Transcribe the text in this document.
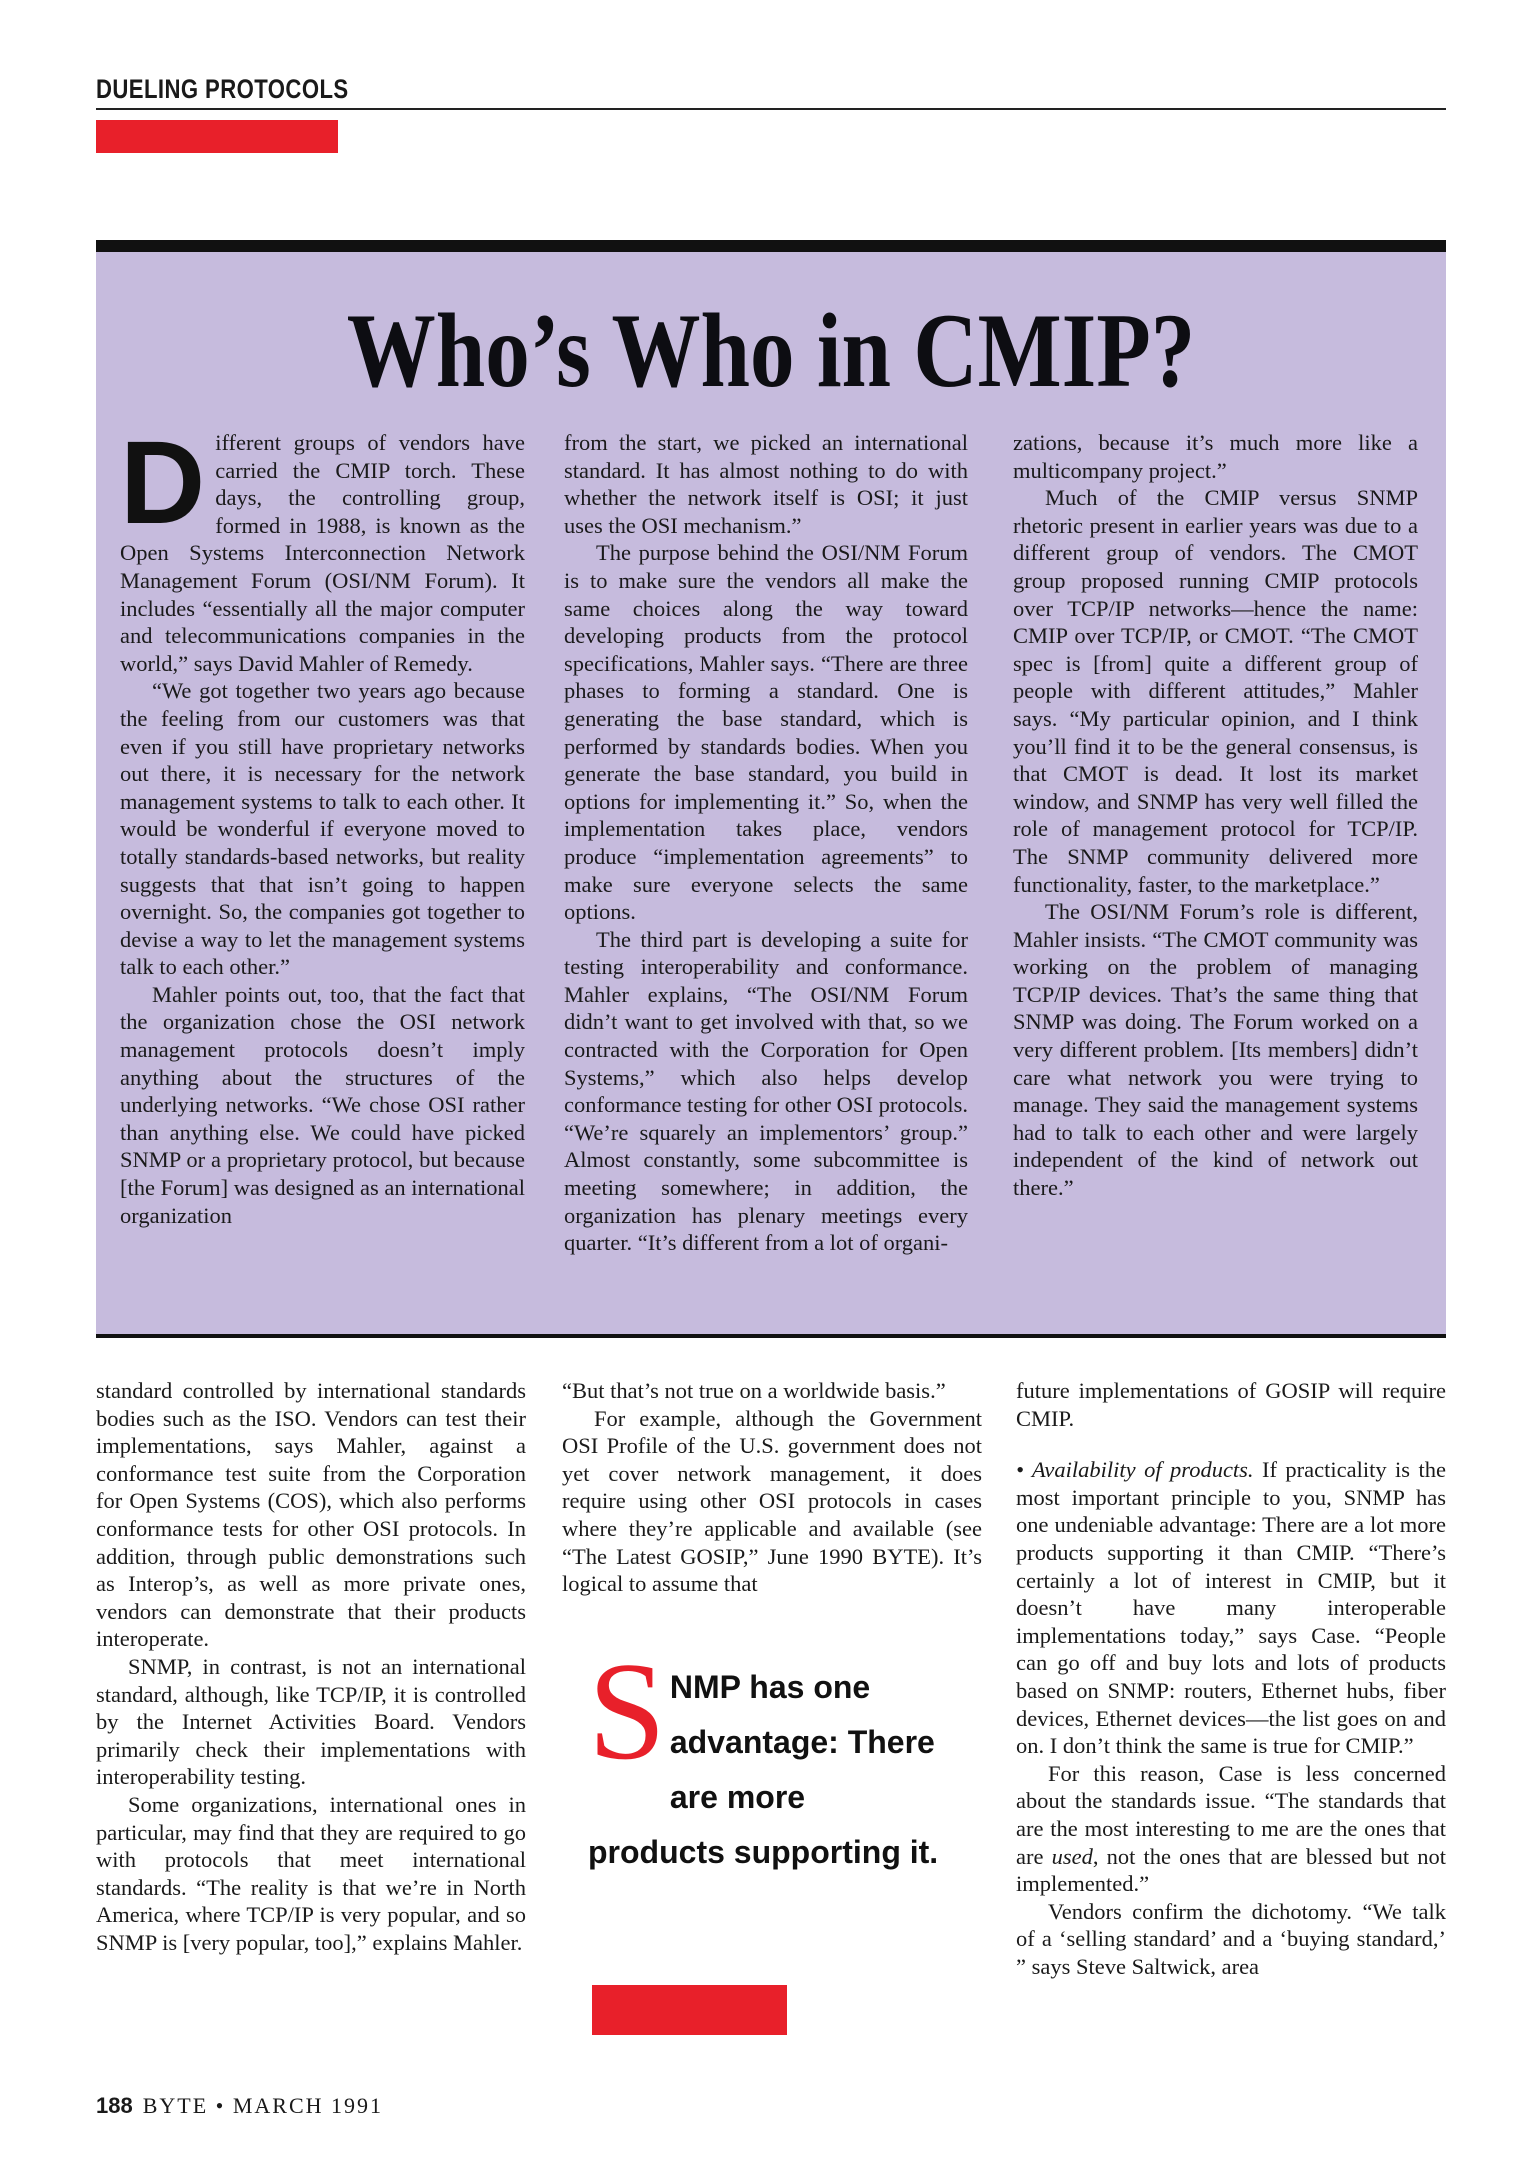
DUELING PROTOCOLS
Who’s Who in CMIP?

Different groups of vendors have carried the CMIP torch. These days, the controlling group, formed in 1988, is known as the Open Systems Interconnection Network Management Forum (OSI/NM Forum). It includes “essentially all the major computer and telecommunications companies in the world,” says David Mahler of Remedy.

“We got together two years ago because the feeling from our customers was that even if you still have proprietary networks out there, it is necessary for the network management systems to talk to each other. It would be wonderful if everyone moved to totally standards-based networks, but reality suggests that that isn’t going to happen overnight. So, the companies got together to devise a way to let the management systems talk to each other.”

Mahler points out, too, that the fact that the organization chose the OSI network management protocols doesn’t imply anything about the structures of the underlying networks. “We chose OSI rather than anything else. We could have picked SNMP or a proprietary protocol, but because [the Forum] was designed as an international organization

from the start, we picked an international standard. It has almost nothing to do with whether the network itself is OSI; it just uses the OSI mechanism.”

The purpose behind the OSI/NM Forum is to make sure the vendors all make the same choices along the way toward developing products from the protocol specifications, Mahler says. “There are three phases to forming a standard. One is generating the base standard, which is performed by standards bodies. When you generate the base standard, you build in options for implementing it.” So, when the implementation takes place, vendors produce “implementation agreements” to make sure everyone selects the same options.

The third part is developing a suite for testing interoperability and conformance. Mahler explains, “The OSI/NM Forum didn’t want to get involved with that, so we contracted with the Corporation for Open Systems,” which also helps develop conformance testing for other OSI protocols. “We’re squarely an implementors’ group.” Almost constantly, some subcommittee is meeting somewhere; in addition, the organization has plenary meetings every quarter. “It’s different from a lot of organi-

zations, because it’s much more like a multicompany project.”

Much of the CMIP versus SNMP rhetoric present in earlier years was due to a different group of vendors. The CMOT group proposed running CMIP protocols over TCP/IP networks—hence the name: CMIP over TCP/IP, or CMOT. “The CMOT spec is [from] quite a different group of people with different attitudes,” Mahler says. “My particular opinion, and I think you’ll find it to be the general consensus, is that CMOT is dead. It lost its market window, and SNMP has very well filled the role of management protocol for TCP/IP. The SNMP community delivered more functionality, faster, to the marketplace.”

The OSI/NM Forum’s role is different, Mahler insists. “The CMOT community was working on the problem of managing TCP/IP devices. That’s the same thing that SNMP was doing. The Forum worked on a very different problem. [Its members] didn’t care what network you were trying to manage. They said the management systems had to talk to each other and were largely independent of the kind of network out there.”

standard controlled by international standards bodies such as the ISO. Vendors can test their implementations, says Mahler, against a conformance test suite from the Corporation for Open Systems (COS), which also performs conformance tests for other OSI protocols. In addition, through public demonstrations such as Interop’s, as well as more private ones, vendors can demonstrate that their products interoperate.

SNMP, in contrast, is not an international standard, although, like TCP/IP, it is controlled by the Internet Activities Board. Vendors primarily check their implementations with interoperability testing.

Some organizations, international ones in particular, may find that they are required to go with protocols that meet international standards. “The reality is that we’re in North America, where TCP/IP is very popular, and so SNMP is [very popular, too],” explains Mahler.

“But that’s not true on a worldwide basis.”

For example, although the Government OSI Profile of the U.S. government does not yet cover network management, it does require using other OSI protocols in cases where they’re applicable and available (see “The Latest GOSIP,” June 1990 BYTE). It’s logical to assume that

SNMP has one advantage: There are more products supporting it.

future implementations of GOSIP will require CMIP.

• Availability of products. If practicality is the most important principle to you, SNMP has one undeniable advantage: There are a lot more products supporting it than CMIP. “There’s certainly a lot of interest in CMIP, but it doesn’t have many interoperable implementations today,” says Case. “People can go off and buy lots and lots of products based on SNMP: routers, Ethernet hubs, fiber devices, Ethernet devices—the list goes on and on. I don’t think the same is true for CMIP.”

For this reason, Case is less concerned about the standards issue. “The standards that are the most interesting to me are the ones that are used, not the ones that are blessed but not implemented.”

Vendors confirm the dichotomy. “We talk of a ‘selling standard’ and a ‘buying standard,’ ” says Steve Saltwick, area

188 BYTE • MARCH 1991
